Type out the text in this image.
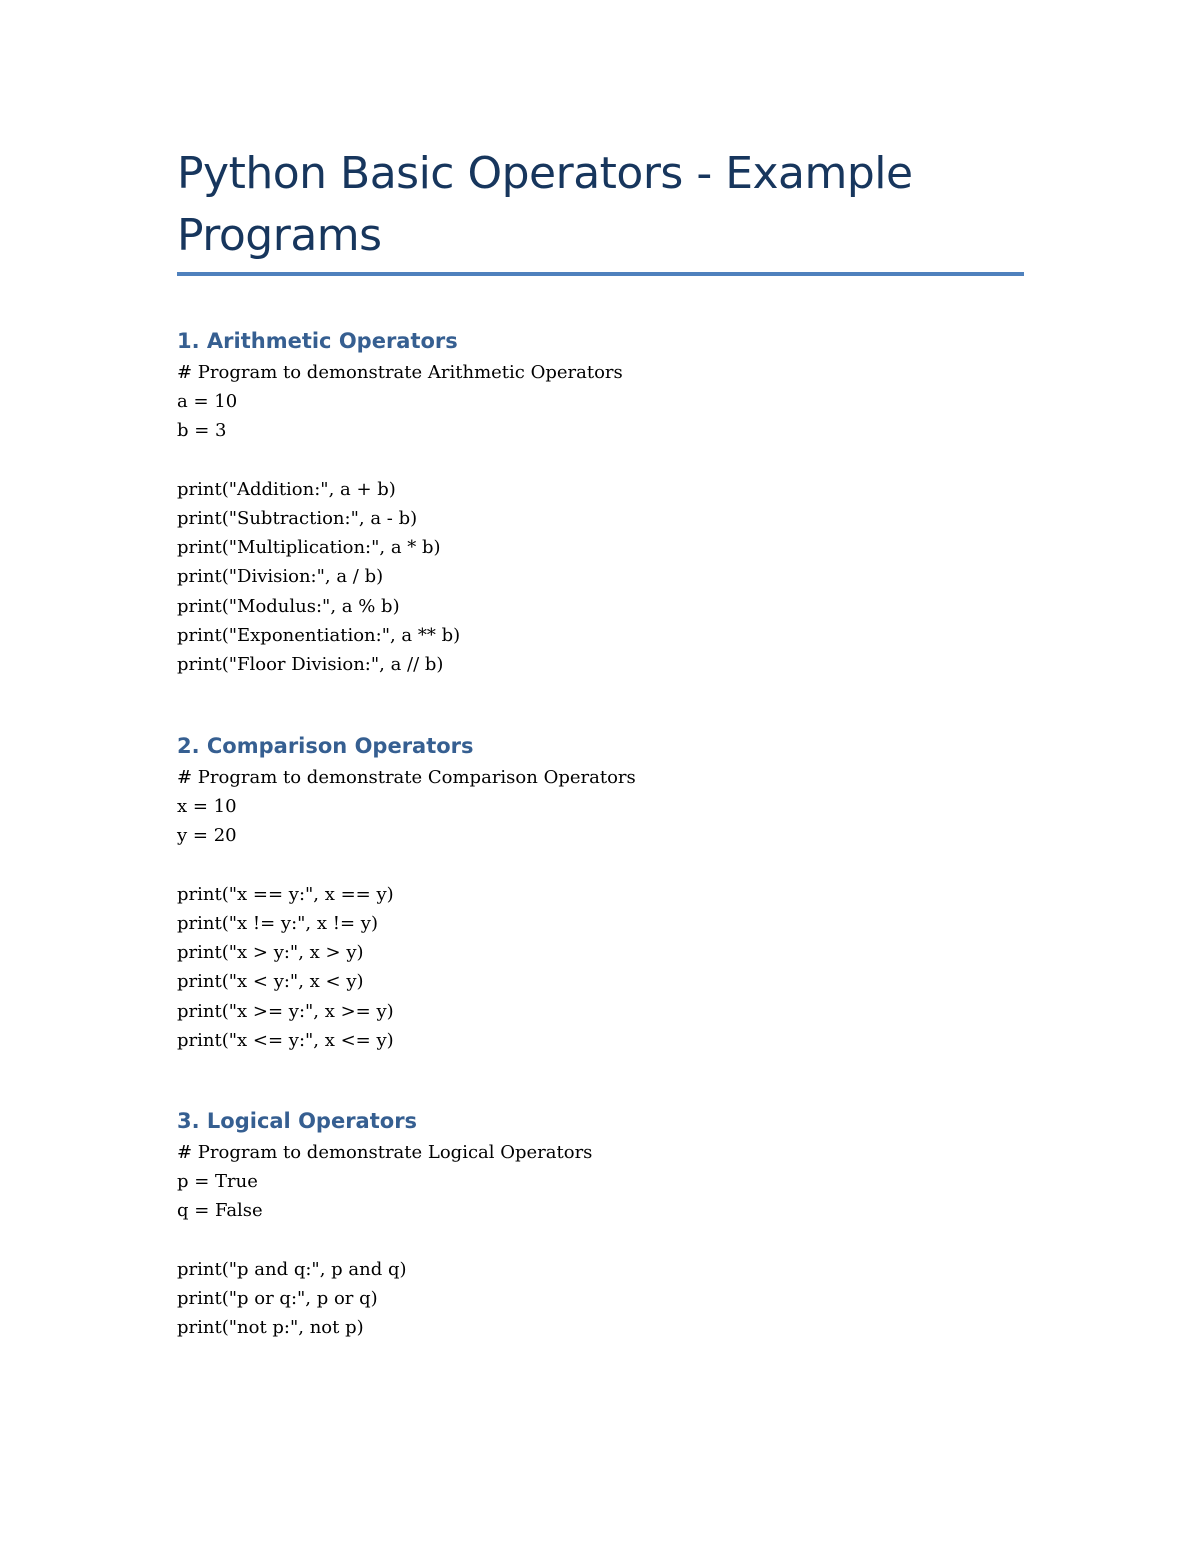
Python Basic Operators - Example Programs
1. Arithmetic Operators
# Program to demonstrate Arithmetic Operators
a = 10
b = 3
print("Addition:", a + b)
print("Subtraction:", a - b)
print("Multiplication:", a * b)
print("Division:", a / b)
print("Modulus:", a % b)
print("Exponentiation:", a ** b)
print("Floor Division:", a // b)
2. Comparison Operators
# Program to demonstrate Comparison Operators
x = 10
y = 20
print("x == y:", x == y)
print("x != y:", x != y)
print("x > y:", x > y)
print("x < y:", x < y)
print("x >= y:", x >= y)
print("x <= y:", x <= y)
3. Logical Operators
# Program to demonstrate Logical Operators
p = True
q = False
print("p and q:", p and q)
print("p or q:", p or q)
print("not p:", not p)
